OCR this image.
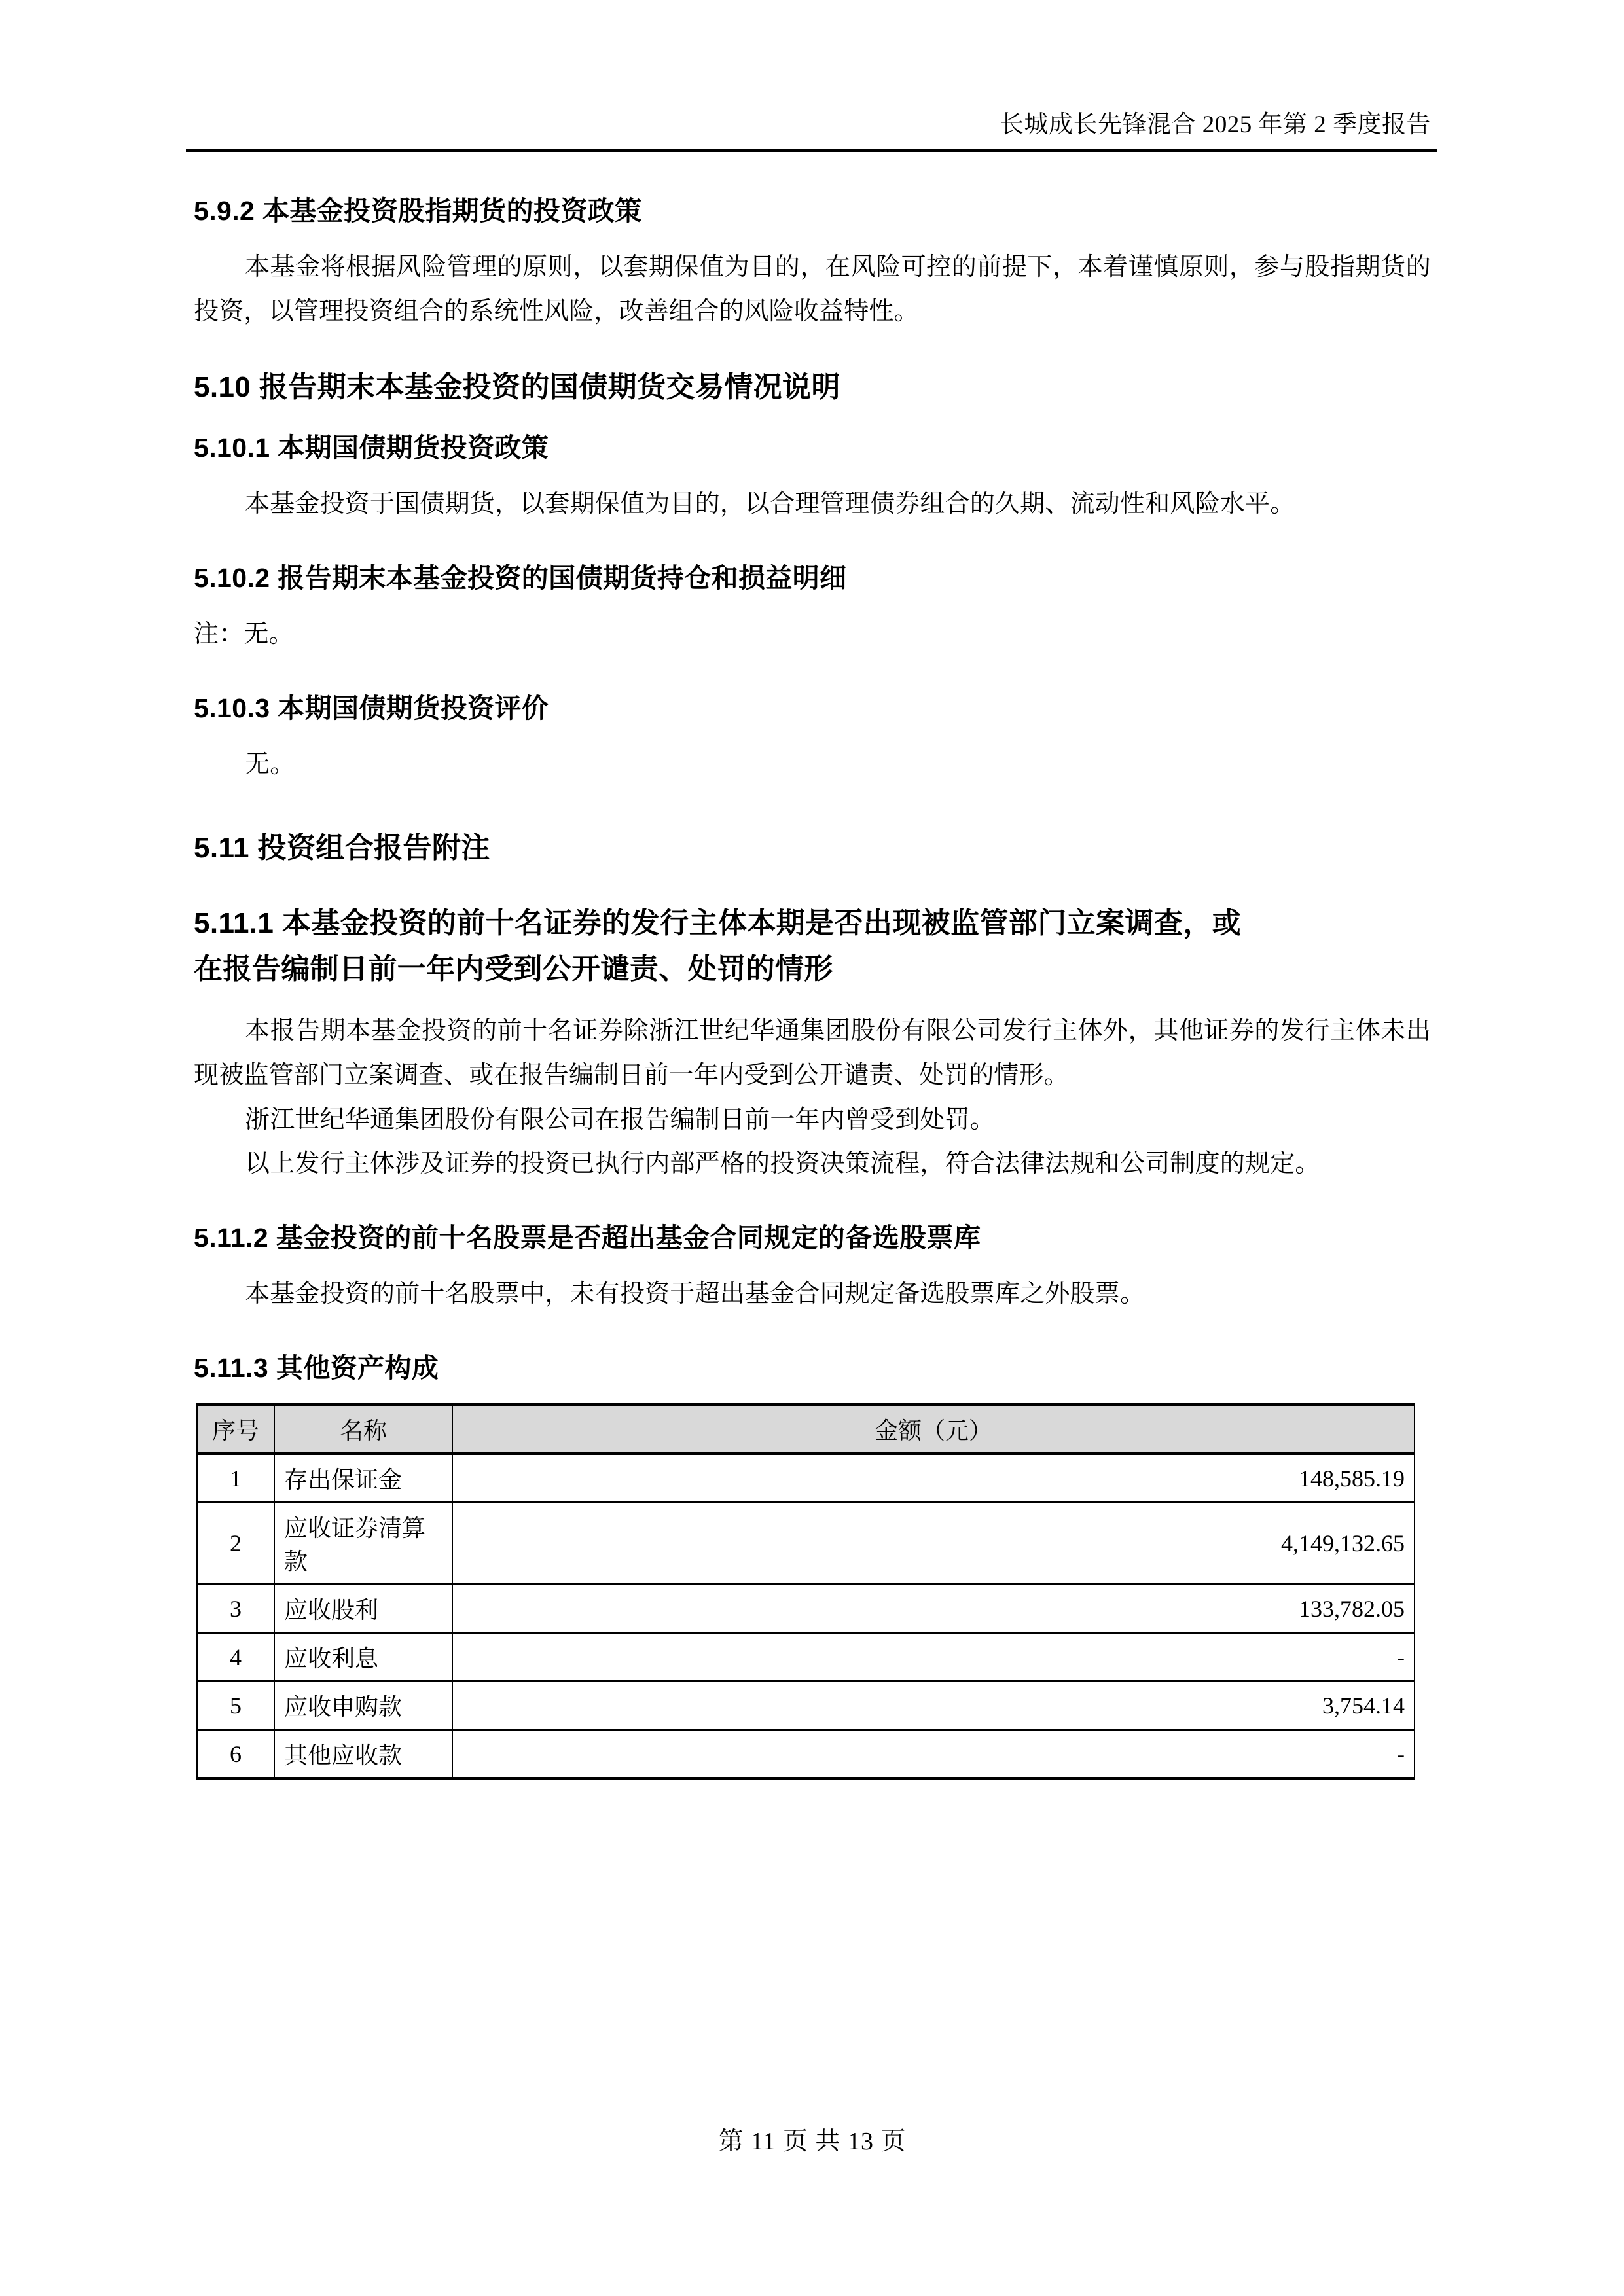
长城成长先锋混合 2025 年第 2 季度报告
5.9.2 本基金投资股指期货的投资政策

本基金将根据风险管理的原则，以套期保值为目的，在风险可控的前提下，本着谨慎原则，参与股指期货的投资，以管理投资组合的系统性风险，改善组合的风险收益特性。

5.10 报告期末本基金投资的国债期货交易情况说明
5.10.1 本期国债期货投资政策

本基金投资于国债期货，以套期保值为目的，以合理管理债券组合的久期、流动性和风险水平。

5.10.2 报告期末本基金投资的国债期货持仓和损益明细

注：无。

5.10.3 本期国债期货投资评价

无。

5.11 投资组合报告附注
5.11.1 本基金投资的前十名证券的发行主体本期是否出现被监管部门立案调查，或
在报告编制日前一年内受到公开谴责、处罚的情形

本报告期本基金投资的前十名证券除浙江世纪华通集团股份有限公司发行主体外，其他证券的发行主体未出现被监管部门立案调查、或在报告编制日前一年内受到公开谴责、处罚的情形。

浙江世纪华通集团股份有限公司在报告编制日前一年内曾受到处罚。

以上发行主体涉及证券的投资已执行内部严格的投资决策流程，符合法律法规和公司制度的规定。

5.11.2 基金投资的前十名股票是否超出基金合同规定的备选股票库

本基金投资的前十名股票中，未有投资于超出基金合同规定备选股票库之外股票。

5.11.3 其他资产构成
序号	名称	金额（元）
1	存出保证金	148,585.19
2	应收证券清算款	4,149,132.65
3	应收股利	133,782.05
4	应收利息	-
5	应收申购款	3,754.14
6	其他应收款	-
第 11 页 共 13 页
